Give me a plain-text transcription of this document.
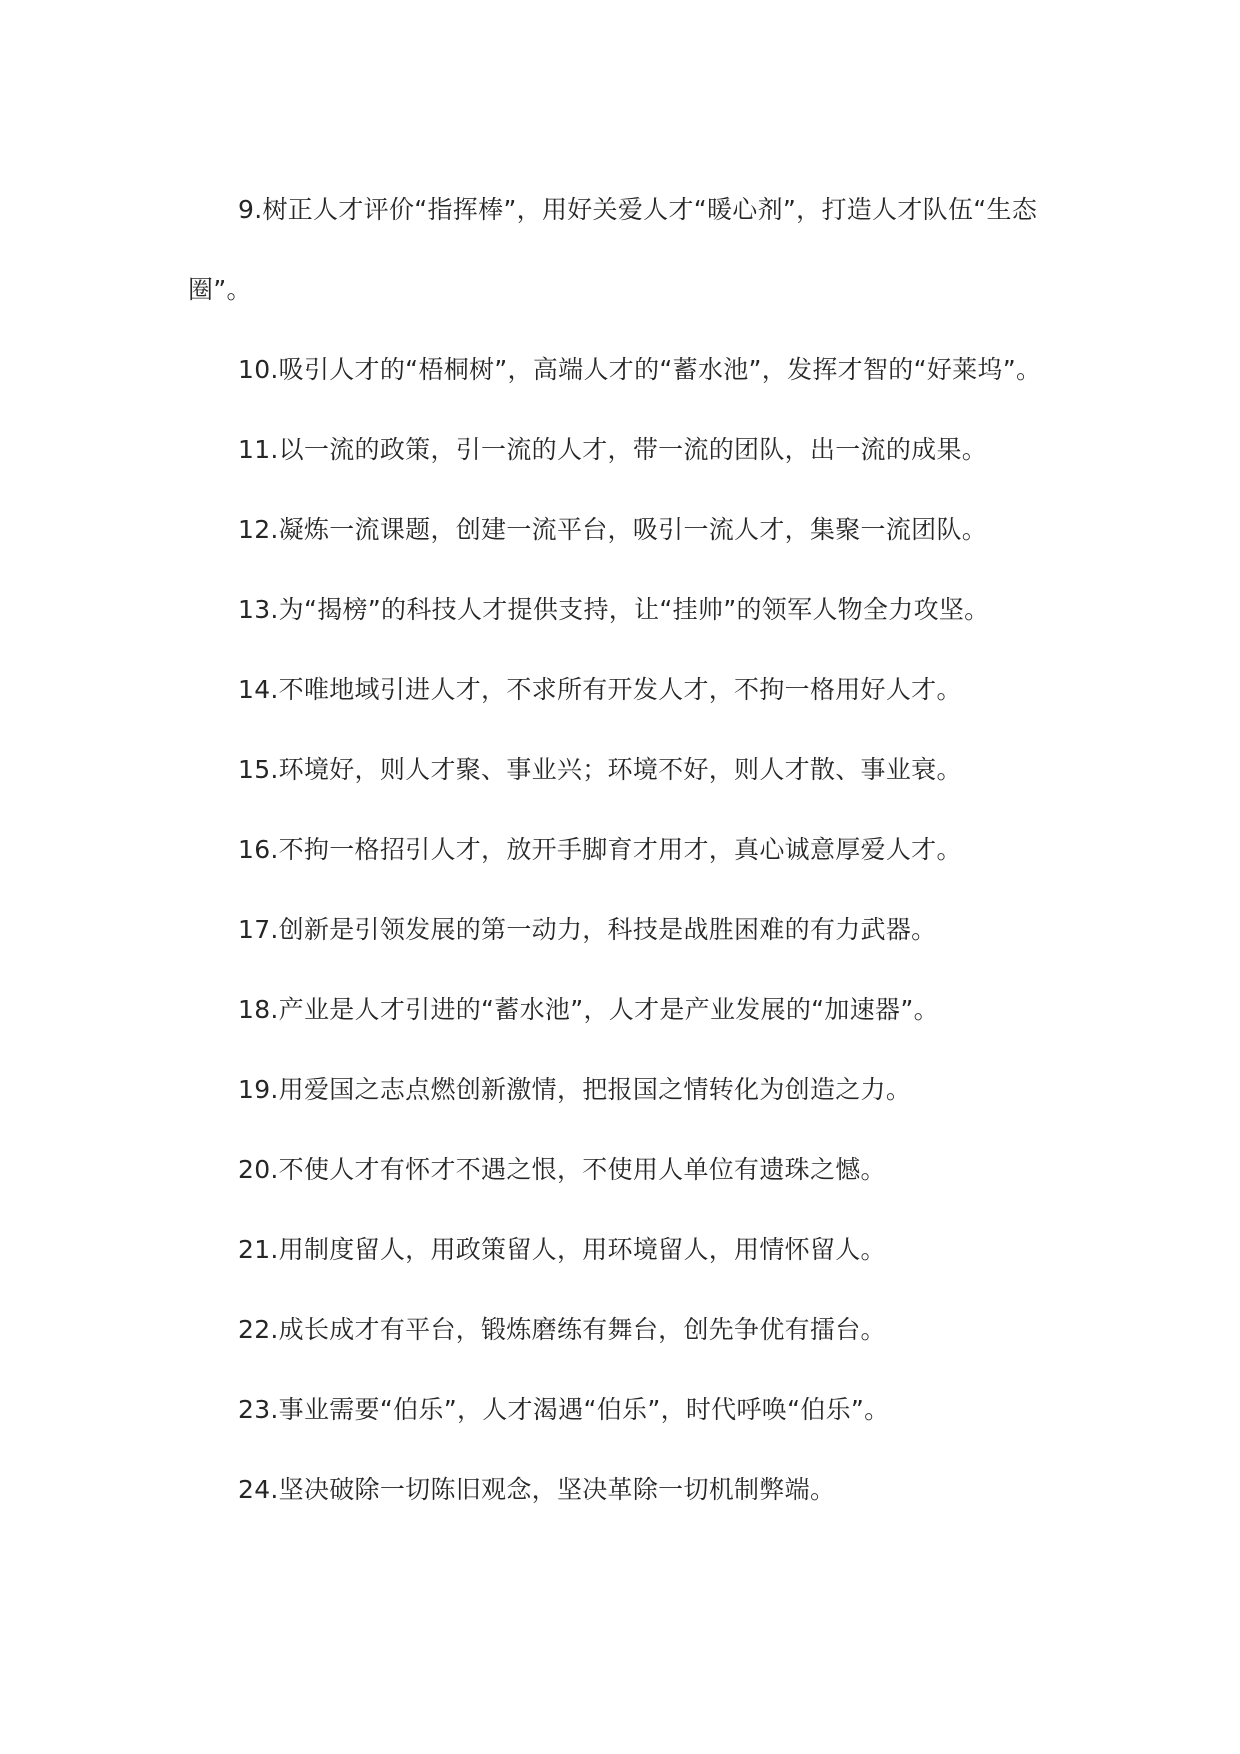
9.树正人才评价“指挥棒”，用好关爱人才“暖心剂”，打造人才队伍“生态圈”。

10.吸引人才的“梧桐树”，高端人才的“蓄水池”，发挥才智的“好莱坞”。

11.以一流的政策，引一流的人才，带一流的团队，出一流的成果。

12.凝炼一流课题，创建一流平台，吸引一流人才，集聚一流团队。

13.为“揭榜”的科技人才提供支持，让“挂帅”的领军人物全力攻坚。

14.不唯地域引进人才，不求所有开发人才，不拘一格用好人才。

15.环境好，则人才聚、事业兴；环境不好，则人才散、事业衰。

16.不拘一格招引人才，放开手脚育才用才，真心诚意厚爱人才。

17.创新是引领发展的第一动力，科技是战胜困难的有力武器。

18.产业是人才引进的“蓄水池”，人才是产业发展的“加速器”。

19.用爱国之志点燃创新激情，把报国之情转化为创造之力。

20.不使人才有怀才不遇之恨，不使用人单位有遗珠之憾。

21.用制度留人，用政策留人，用环境留人，用情怀留人。

22.成长成才有平台，锻炼磨练有舞台，创先争优有擂台。

23.事业需要“伯乐”，人才渴遇“伯乐”，时代呼唤“伯乐”。

24.坚决破除一切陈旧观念，坚决革除一切机制弊端。
